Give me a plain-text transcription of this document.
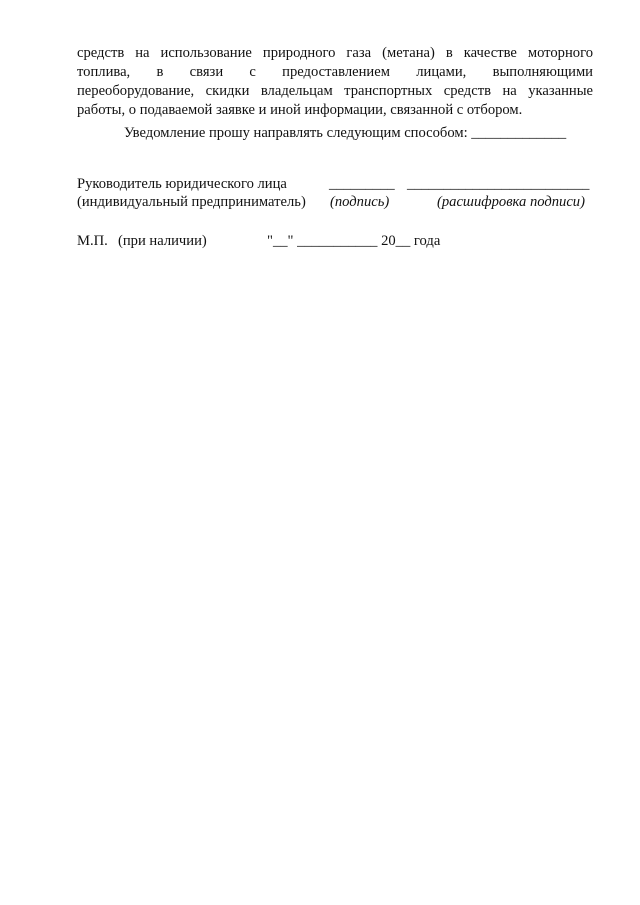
средств на использование природного газа (метана) в качестве моторного
топлива, в связи с предоставлением лицами, выполняющими
переоборудование, скидки владельцам транспортных средств на указанные
работы, о подаваемой заявке и иной информации, связанной с отбором.
Уведомление прошу направлять следующим способом: _____________
Руководитель юридического лица	_________ _________________________
(индивидуальный предприниматель) (подпись)	(расшифровка подписи)
М.П. (при наличии)	"__" ___________ 20__ года
